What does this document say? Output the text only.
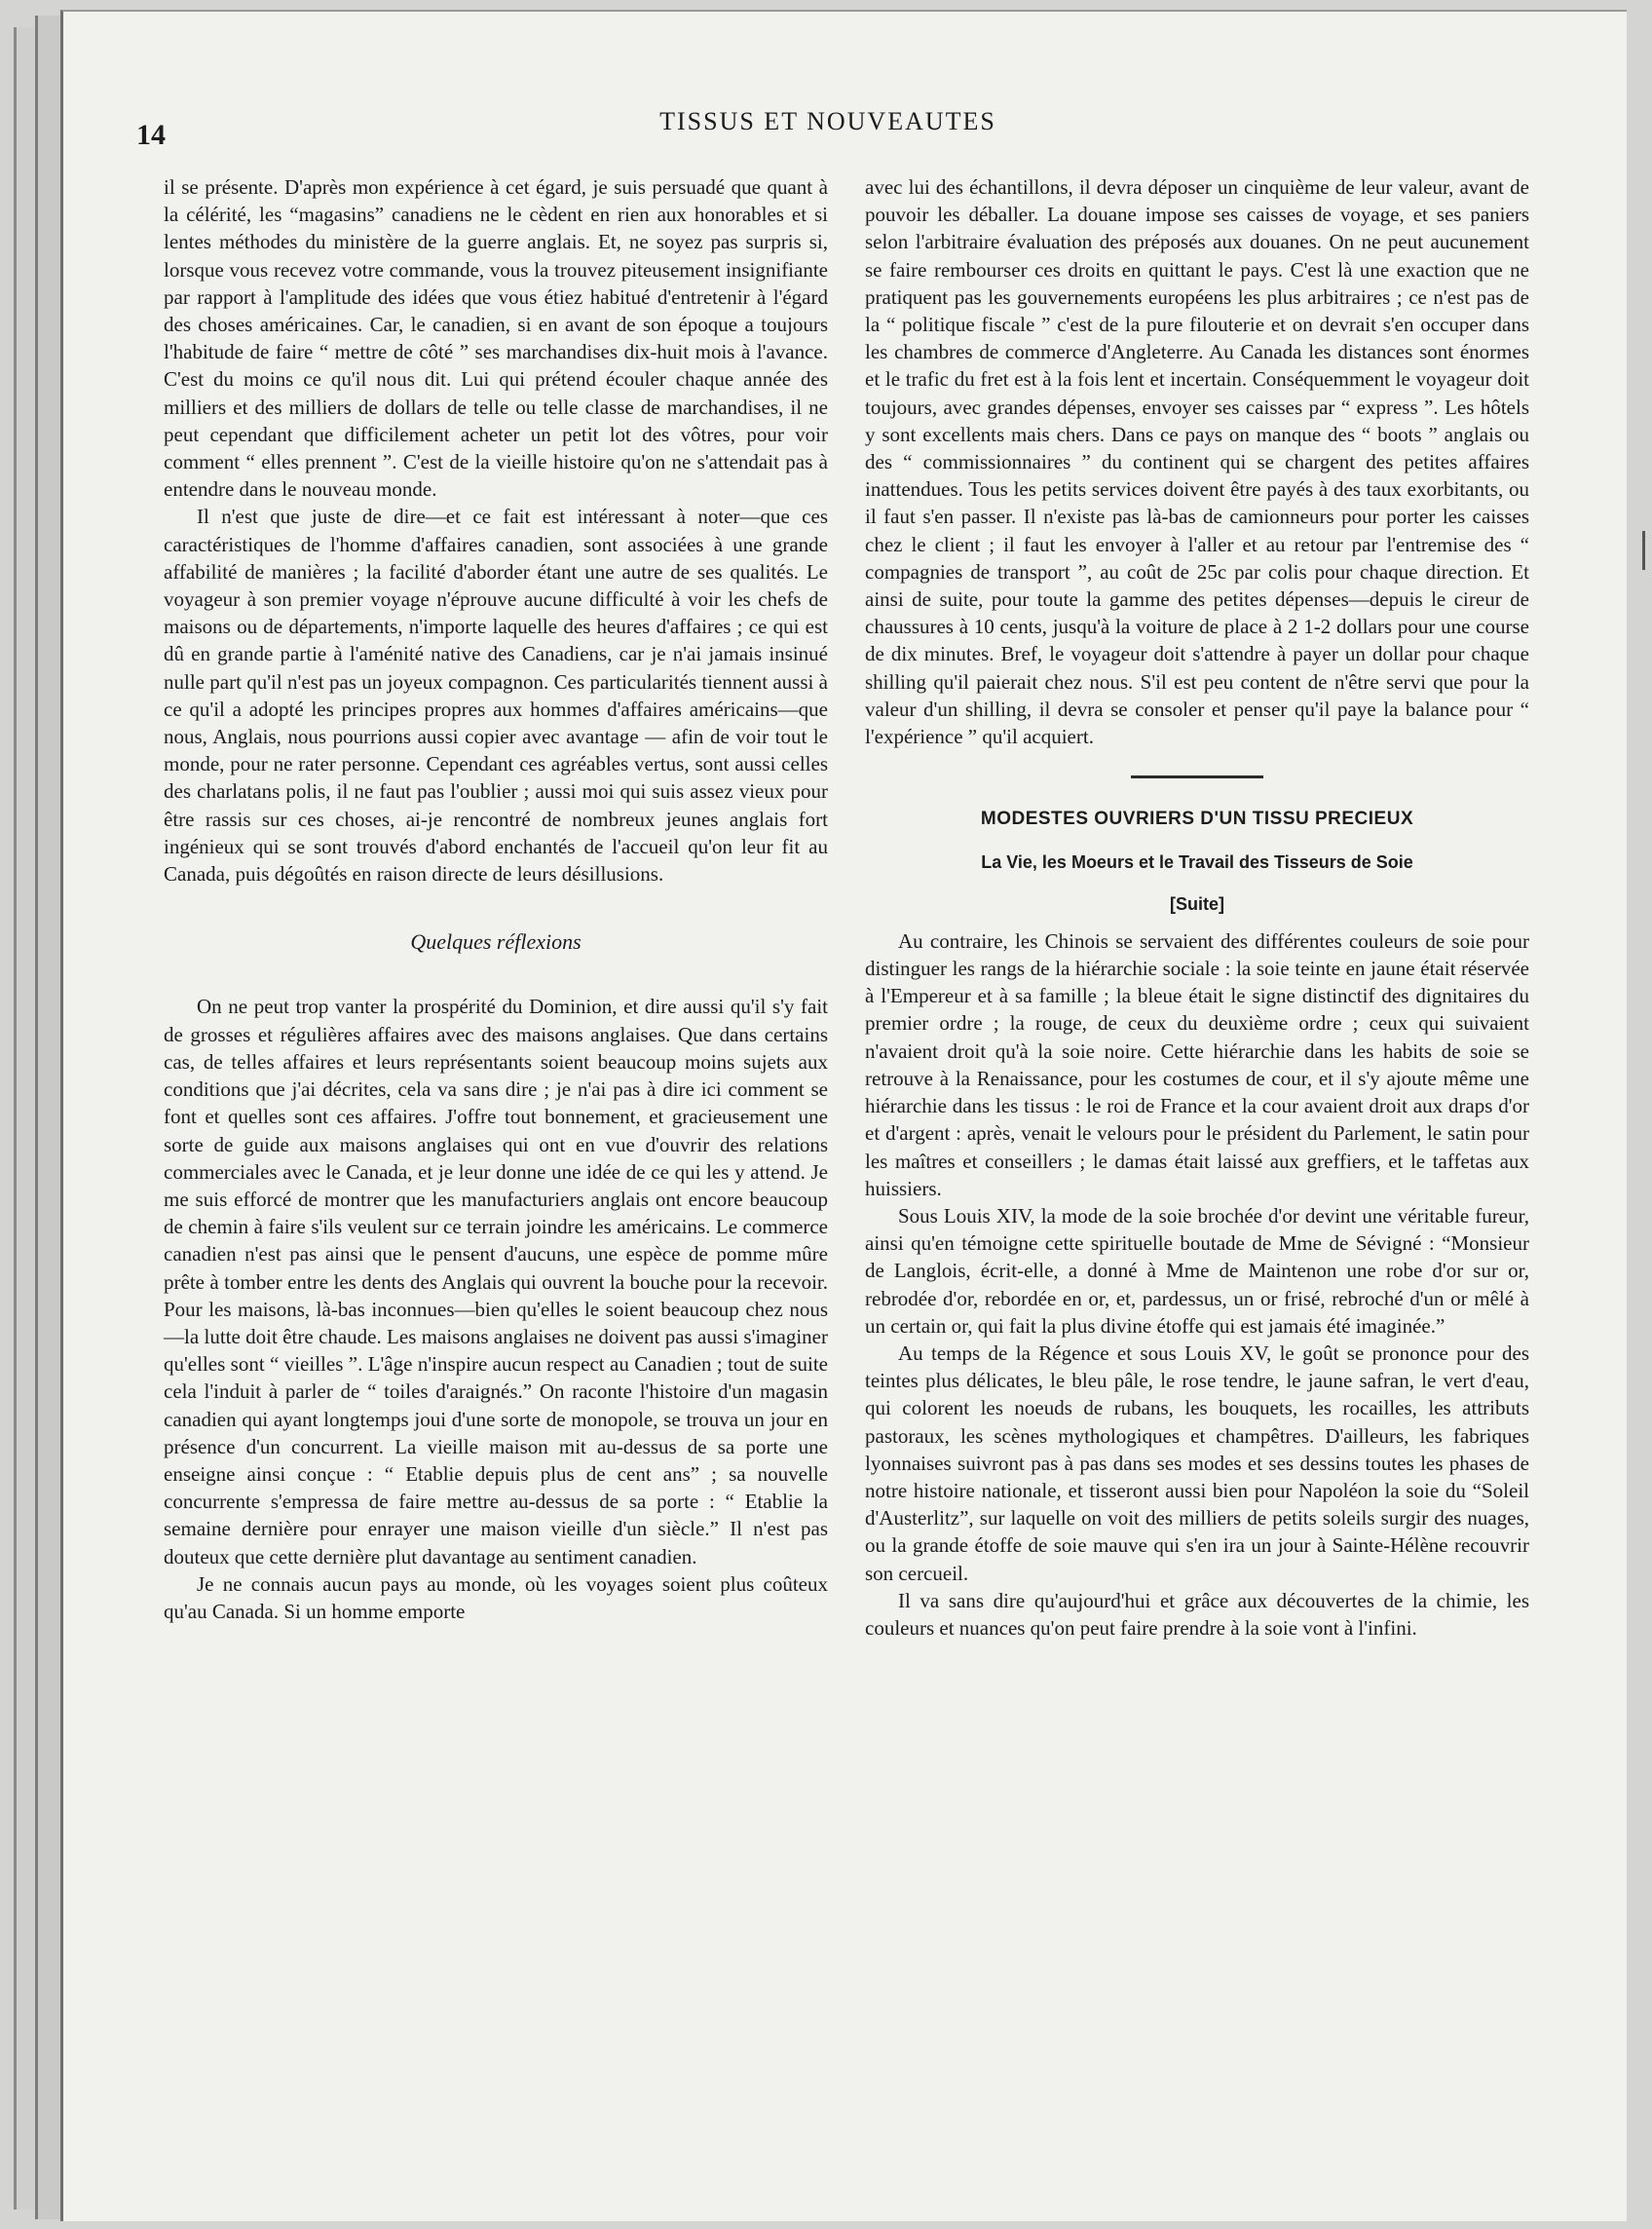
14	TISSUS ET NOUVEAUTES

il se présente. D'après mon expérience à cet égard, je suis persuadé que quant à la célérité, les “magasins” canadiens ne le cèdent en rien aux honorables et si lentes méthodes du ministère de la guerre anglais. Et, ne soyez pas surpris si, lorsque vous recevez votre commande, vous la trouvez piteusement insignifiante par rapport à l'amplitude des idées que vous étiez habitué d'entretenir à l'égard des choses américaines. Car, le canadien, si en avant de son époque a toujours l'habitude de faire “ mettre de côté ” ses marchandises dix-huit mois à l'avance. C'est du moins ce qu'il nous dit. Lui qui prétend écouler chaque année des milliers et des milliers de dollars de telle ou telle classe de marchandises, il ne peut cependant que difficilement acheter un petit lot des vôtres, pour voir comment “ elles prennent ”. C'est de la vieille histoire qu'on ne s'attendait pas à entendre dans le nouveau monde.

Il n'est que juste de dire—et ce fait est intéressant à noter—que ces caractéristiques de l'homme d'affaires canadien, sont associées à une grande affabilité de manières ; la facilité d'aborder étant une autre de ses qualités. Le voyageur à son premier voyage n'éprouve aucune difficulté à voir les chefs de maisons ou de départements, n'importe laquelle des heures d'affaires ; ce qui est dû en grande partie à l'aménité native des Canadiens, car je n'ai jamais insinué nulle part qu'il n'est pas un joyeux compagnon. Ces particularités tiennent aussi à ce qu'il a adopté les principes propres aux hommes d'affaires américains—que nous, Anglais, nous pourrions aussi copier avec avantage — afin de voir tout le monde, pour ne rater personne. Cependant ces agréables vertus, sont aussi celles des charlatans polis, il ne faut pas l'oublier ; aussi moi qui suis assez vieux pour être rassis sur ces choses, ai-je rencontré de nombreux jeunes anglais fort ingénieux qui se sont trouvés d'abord enchantés de l'accueil qu'on leur fit au Canada, puis dégoûtés en raison directe de leurs désillusions.

Quelques réflexions

On ne peut trop vanter la prospérité du Dominion, et dire aussi qu'il s'y fait de grosses et régulières affaires avec des maisons anglaises. Que dans certains cas, de telles affaires et leurs représentants soient beaucoup moins sujets aux conditions que j'ai décrites, cela va sans dire ; je n'ai pas à dire ici comment se font et quelles sont ces affaires. J'offre tout bonnement, et gracieusement une sorte de guide aux maisons anglaises qui ont en vue d'ouvrir des relations commerciales avec le Canada, et je leur donne une idée de ce qui les y attend. Je me suis efforcé de montrer que les manufacturiers anglais ont encore beaucoup de chemin à faire s'ils veulent sur ce terrain joindre les américains. Le commerce canadien n'est pas ainsi que le pensent d'aucuns, une espèce de pomme mûre prête à tomber entre les dents des Anglais qui ouvrent la bouche pour la recevoir. Pour les maisons, là-bas inconnues—bien qu'elles le soient beaucoup chez nous—la lutte doit être chaude. Les maisons anglaises ne doivent pas aussi s'imaginer qu'elles sont “ vieilles ”. L'âge n'inspire aucun respect au Canadien ; tout de suite cela l'induit à parler de “ toiles d'araignés.” On raconte l'histoire d'un magasin canadien qui ayant longtemps joui d'une sorte de monopole, se trouva un jour en présence d'un concurrent. La vieille maison mit au-dessus de sa porte une enseigne ainsi conçue : “ Etablie depuis plus de cent ans” ; sa nouvelle concurrente s'empressa de faire mettre au-dessus de sa porte : “ Etablie la semaine dernière pour enrayer une maison vieille d'un siècle.” Il n'est pas douteux que cette dernière plut davantage au sentiment canadien.

Je ne connais aucun pays au monde, où les voyages soient plus coûteux qu'au Canada. Si un homme emporte

avec lui des échantillons, il devra déposer un cinquième de leur valeur, avant de pouvoir les déballer. La douane impose ses caisses de voyage, et ses paniers selon l'arbitraire évaluation des préposés aux douanes. On ne peut aucunement se faire rembourser ces droits en quittant le pays. C'est là une exaction que ne pratiquent pas les gouvernements européens les plus arbitraires ; ce n'est pas de la “ politique fiscale ” c'est de la pure filouterie et on devrait s'en occuper dans les chambres de commerce d'Angleterre. Au Canada les distances sont énormes et le trafic du fret est à la fois lent et incertain. Conséquemment le voyageur doit toujours, avec grandes dépenses, envoyer ses caisses par “ express ”. Les hôtels y sont excellents mais chers. Dans ce pays on manque des “ boots ” anglais ou des “ commissionnaires ” du continent qui se chargent des petites affaires inattendues. Tous les petits services doivent être payés à des taux exorbitants, ou il faut s'en passer. Il n'existe pas là-bas de camionneurs pour porter les caisses chez le client ; il faut les envoyer à l'aller et au retour par l'entremise des “ compagnies de transport ”, au coût de 25c par colis pour chaque direction. Et ainsi de suite, pour toute la gamme des petites dépenses—depuis le cireur de chaussures à 10 cents, jusqu'à la voiture de place à 2 1-2 dollars pour une course de dix minutes. Bref, le voyageur doit s'attendre à payer un dollar pour chaque shilling qu'il paierait chez nous. S'il est peu content de n'être servi que pour la valeur d'un shilling, il devra se consoler et penser qu'il paye la balance pour “ l'expérience ” qu'il acquiert.

MODESTES OUVRIERS D'UN TISSU PRECIEUX
La Vie, les Moeurs et le Travail des Tisseurs de Soie
[Suite]

Au contraire, les Chinois se servaient des différentes couleurs de soie pour distinguer les rangs de la hiérarchie sociale : la soie teinte en jaune était réservée à l'Empereur et à sa famille ; la bleue était le signe distinctif des dignitaires du premier ordre ; la rouge, de ceux du deuxième ordre ; ceux qui suivaient n'avaient droit qu'à la soie noire. Cette hiérarchie dans les habits de soie se retrouve à la Renaissance, pour les costumes de cour, et il s'y ajoute même une hiérarchie dans les tissus : le roi de France et la cour avaient droit aux draps d'or et d'argent : après, venait le velours pour le président du Parlement, le satin pour les maîtres et conseillers ; le damas était laissé aux greffiers, et le taffetas aux huissiers.

Sous Louis XIV, la mode de la soie brochée d'or devint une véritable fureur, ainsi qu'en témoigne cette spirituelle boutade de Mme de Sévigné : “Monsieur de Langlois, écrit-elle, a donné à Mme de Maintenon une robe d'or sur or, rebrodée d'or, rebordée en or, et, pardessus, un or frisé, rebroché d'un or mêlé à un certain or, qui fait la plus divine étoffe qui est jamais été imaginée.”

Au temps de la Régence et sous Louis XV, le goût se prononce pour des teintes plus délicates, le bleu pâle, le rose tendre, le jaune safran, le vert d'eau, qui colorent les noeuds de rubans, les bouquets, les rocailles, les attributs pastoraux, les scènes mythologiques et champêtres. D'ailleurs, les fabriques lyonnaises suivront pas à pas dans ses modes et ses dessins toutes les phases de notre histoire nationale, et tisseront aussi bien pour Napoléon la soie du “Soleil d'Austerlitz”, sur laquelle on voit des milliers de petits soleils surgir des nuages, ou la grande étoffe de soie mauve qui s'en ira un jour à Sainte-Hélène recouvrir son cercueil.

Il va sans dire qu'aujourd'hui et grâce aux découvertes de la chimie, les couleurs et nuances qu'on peut faire prendre à la soie vont à l'infini.
